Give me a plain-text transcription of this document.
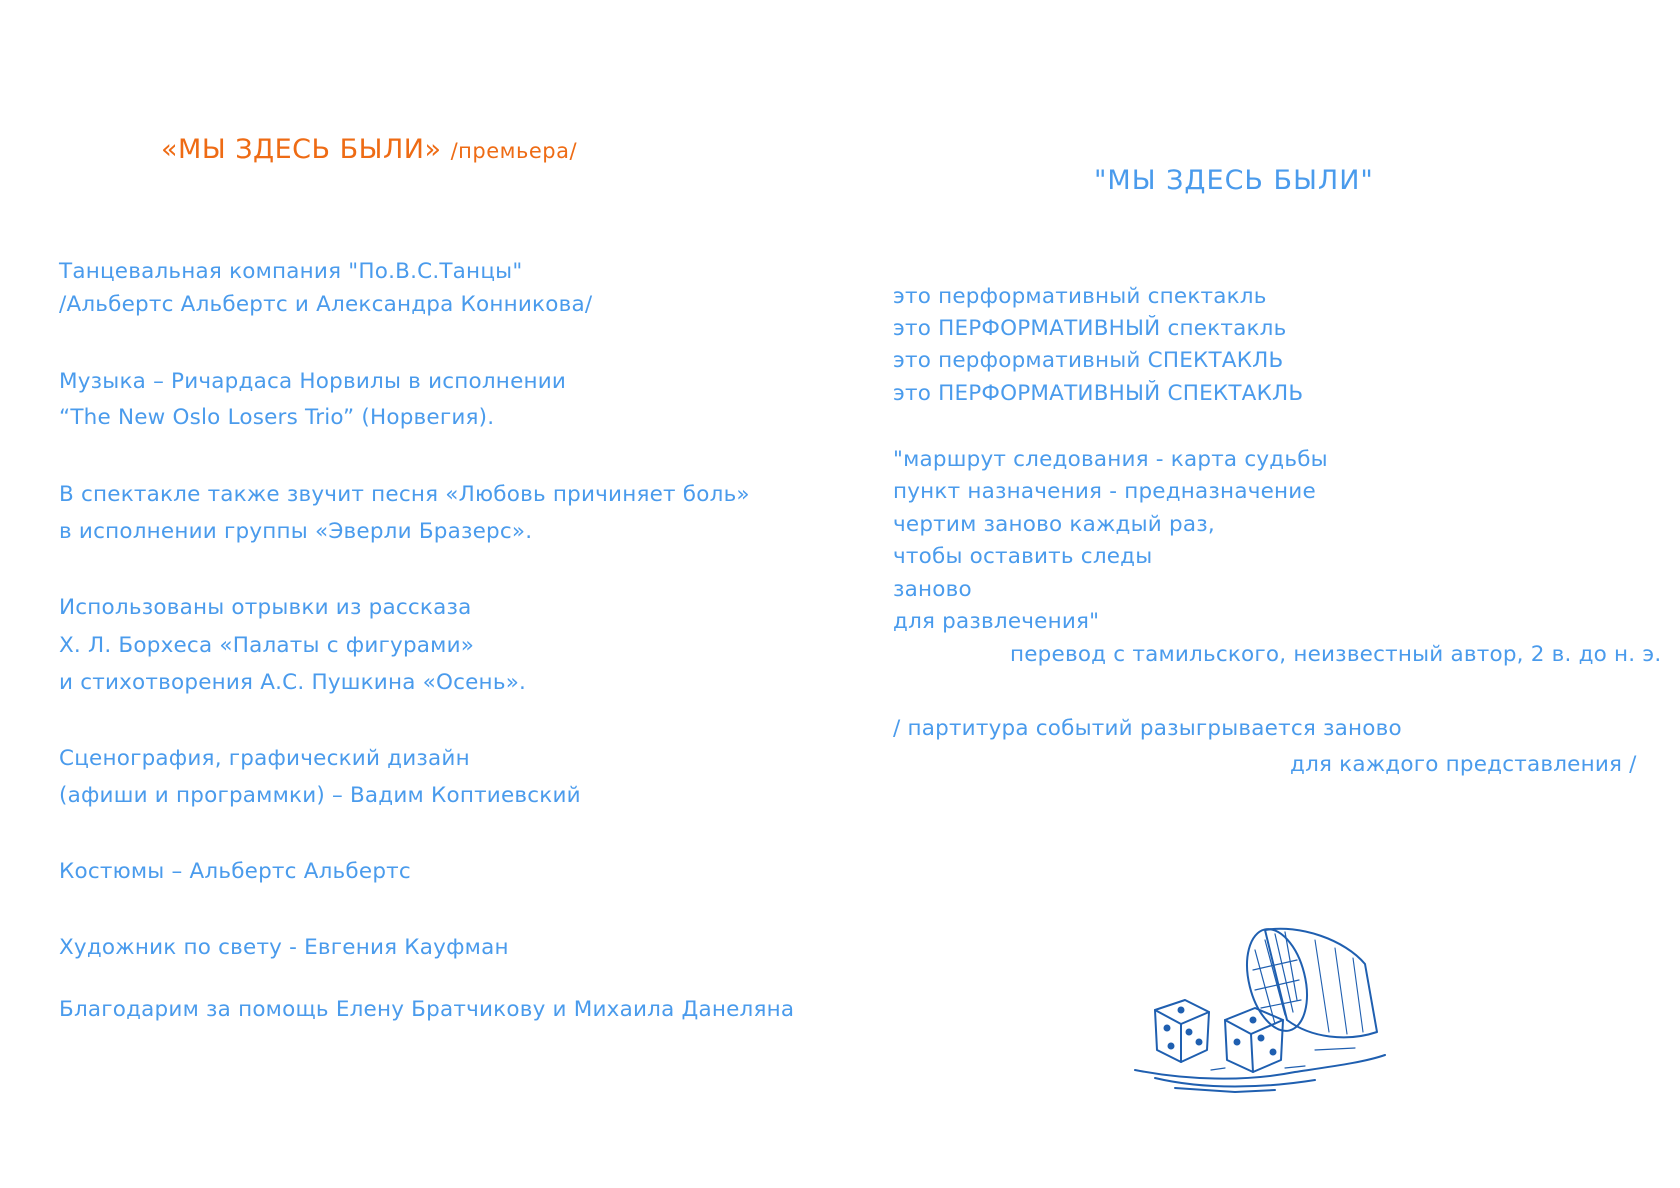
«МЫ ЗДЕСЬ БЫЛИ» /премьера/
Танцевальная компания "По.В.С.Танцы"
/Альбертс Альбертс и Александра Конникова/
Музыка – Ричардаса Норвилы в исполнении
“The New Oslo Losers Trio” (Норвегия).
В спектакле также звучит песня «Любовь причиняет боль»
в исполнении группы «Эверли Бразерс».
Использованы отрывки из рассказа
Х. Л. Борхеса «Палаты с фигурами»
и стихотворения А.С. Пушкина «Осень».
Сценография, графический дизайн
(афиши и программки) – Вадим Коптиевский
Костюмы – Альбертс Альбертс
Художник по свету - Евгения Кауфман
Благодарим за помощь Елену Братчикову и Михаила Данеляна
"МЫ ЗДЕСЬ БЫЛИ"
это перформативный спектакль
это ПЕРФОРМАТИВНЫЙ спектакль
это перформативный СПЕКТАКЛЬ
это ПЕРФОРМАТИВНЫЙ СПЕКТАКЛЬ
"маршрут следования - карта судьбы
пункт назначения - предназначение
чертим заново каждый раз,
чтобы оставить следы
заново
для развлечения"
перевод с тамильского, неизвестный автор, 2 в. до н. э.
/ партитура событий разыгрывается заново
для каждого представления /
